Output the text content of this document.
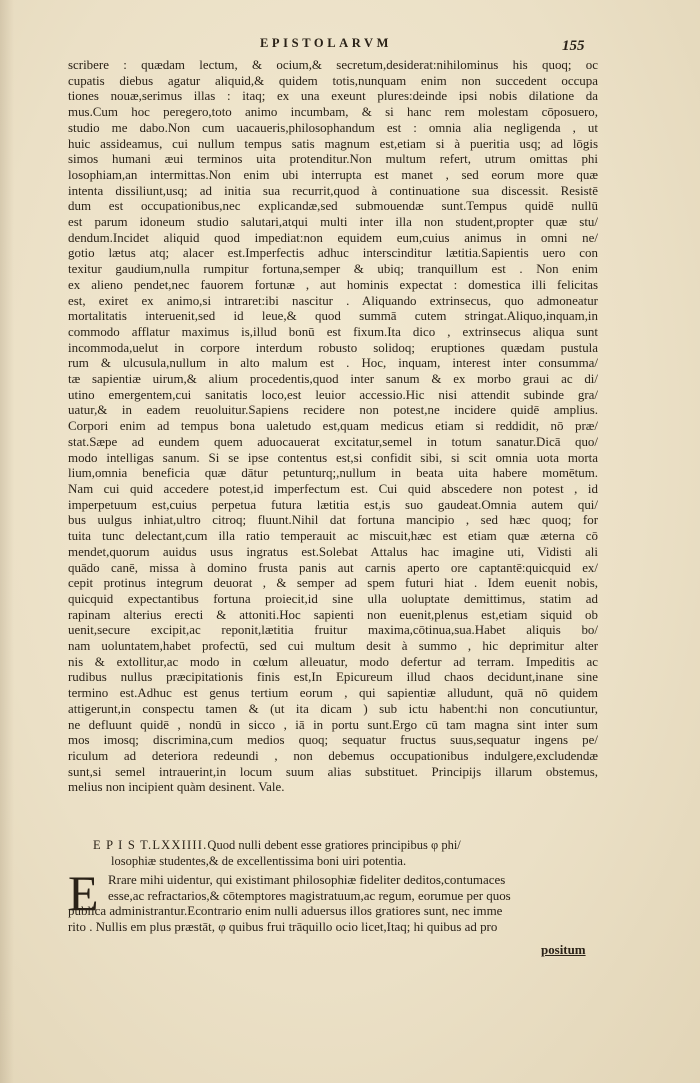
EPISTOLARVM	155
scribere : quædam lectum, & ocium,& secretum,desiderat:nihilominus his quoq; oc
cupatis diebus agatur aliquid,& quidem totis,nunquam enim non succedent occupa
tiones nouæ,serimus illas : itaq; ex una exeunt plures:deinde ipsi nobis dilatione da
mus.Cum hoc peregero,toto animo incumbam, & si hanc rem molestam cōposuero,
studio me dabo.Non cum uacaueris,philosophandum est : omnia alia negligenda , ut
huic assideamus, cui nullum tempus satis magnum est,etiam si à pueritia usq; ad lōgis
simos humani æui terminos uita protenditur.Non multum refert, utrum omittas phi
losophiam,an intermittas.Non enim ubi interrupta est manet , sed eorum more quæ
intenta dissiliunt,usq; ad initia sua recurrit,quod à continuatione sua discessit. Resistē
dum est occupationibus,nec explicandæ,sed submouendæ sunt.Tempus quidē nullū
est parum idoneum studio salutari,atqui multi inter illa non student,propter quæ stu/
dendum.Incidet aliquid quod impediat:non equidem eum,cuius animus in omni ne/
gotio lætus atq; alacer est.Imperfectis adhuc interscinditur lætitia.Sapientis uero con
texitur gaudium,nulla rumpitur fortuna,semper & ubiq; tranquillum est . Non enim
ex alieno pendet,nec fauorem fortunæ , aut hominis expectat : domestica illi felicitas
est, exiret ex animo,si intraret:ibi nascitur . Aliquando extrinsecus, quo admoneatur
mortalitatis interuenit,sed id leue,& quod summā cutem stringat.Aliquo,inquam,in
commodo afflatur maximus is,illud bonū est fixum.Ita dico , extrinsecus aliqua sunt
incommoda,uelut in corpore interdum robusto solidoq; eruptiones quædam pustula
rum & ulcusula,nullum in alto malum est . Hoc, inquam, interest inter consumma/
tæ sapientiæ uirum,& alium procedentis,quod inter sanum & ex morbo graui ac di/
utino emergentem,cui sanitatis loco,est leuior accessio.Hic nisi attendit subinde gra/
uatur,& in eadem reuoluitur.Sapiens recidere non potest,ne incidere quidē amplius.
Corpori enim ad tempus bona ualetudo est,quam medicus etiam si reddidit, nō præ/
stat.Sæpe ad eundem quem aduocauerat excitatur,semel in totum sanatur.Dicā quo/
modo intelligas sanum. Si se ipse contentus est,si confidit sibi, si scit omnia uota morta
lium,omnia beneficia quæ dātur petunturq;,nullum in beata uita habere momētum.
Nam cui quid accedere potest,id imperfectum est. Cui quid abscedere non potest , id
imperpetuum est,cuius perpetua futura lætitia est,is suo gaudeat.Omnia autem qui/
bus uulgus inhiat,ultro citroq; fluunt.Nihil dat fortuna mancipio , sed hæc quoq; for
tuita tunc delectant,cum illa ratio temperauit ac miscuit,hæc est etiam quæ æterna cō
mendet,quorum auidus usus ingratus est.Solebat Attalus hac imagine uti, Vidisti ali
quādo canē, missa à domino frusta panis aut carnis aperto ore captantē:quicquid ex/
cepit protinus integrum deuorat , & semper ad spem futuri hiat . Idem euenit nobis,
quicquid expectantibus fortuna proiecit,id sine ulla uoluptate demittimus, statim ad
rapinam alterius erecti & attoniti.Hoc sapienti non euenit,plenus est,etiam siquid ob
uenit,secure excipit,ac reponit,lætitia fruitur maxima,cōtinua,sua.Habet aliquis bo/
nam uoluntatem,habet profectū, sed cui multum desit à summo , hic deprimitur alter
nis & extollitur,ac modo in cœlum alleuatur, modo defertur ad terram. Impeditis ac
rudibus nullus præcipitationis finis est,In Epicureum illud chaos decidunt,inane sine
termino est.Adhuc est genus tertium eorum , qui sapientiæ alludunt, quā nō quidem
attigerunt,in conspectu tamen & (ut ita dicam ) sub ictu habent:hi non concutiuntur,
ne defluunt quidē , nondū in sicco , iā in portu sunt.Ergo cū tam magna sint inter sum
mos imosq; discrimina,cum medios quoq; sequatur fructus suus,sequatur ingens pe/
riculum ad deteriora redeundi , non debemus occupationibus indulgere,excludendæ
sunt,si semel intrauerint,in locum suum alias substituet. Principijs illarum obstemus,
melius non incipient quàm desinent. Vale.
E P I S T.LXXIIII.Quod nulli debent esse gratiores principibus φ phi/
losophiæ studentes,& de excellentissima boni uiri potentia.
E Rrare mihi uidentur, qui existimant philosophiæ fideliter deditos,contumaces
esse,ac refractarios,& cōtemptores magistratuum,ac regum, eorumue per quos
publica administrantur.Econtrario enim nulli aduersus illos gratiores sunt, nec imme
rito . Nullis em plus præstāt, φ quibus frui trāquillo ocio licet,Itaq; hi quibus ad pro
positum
